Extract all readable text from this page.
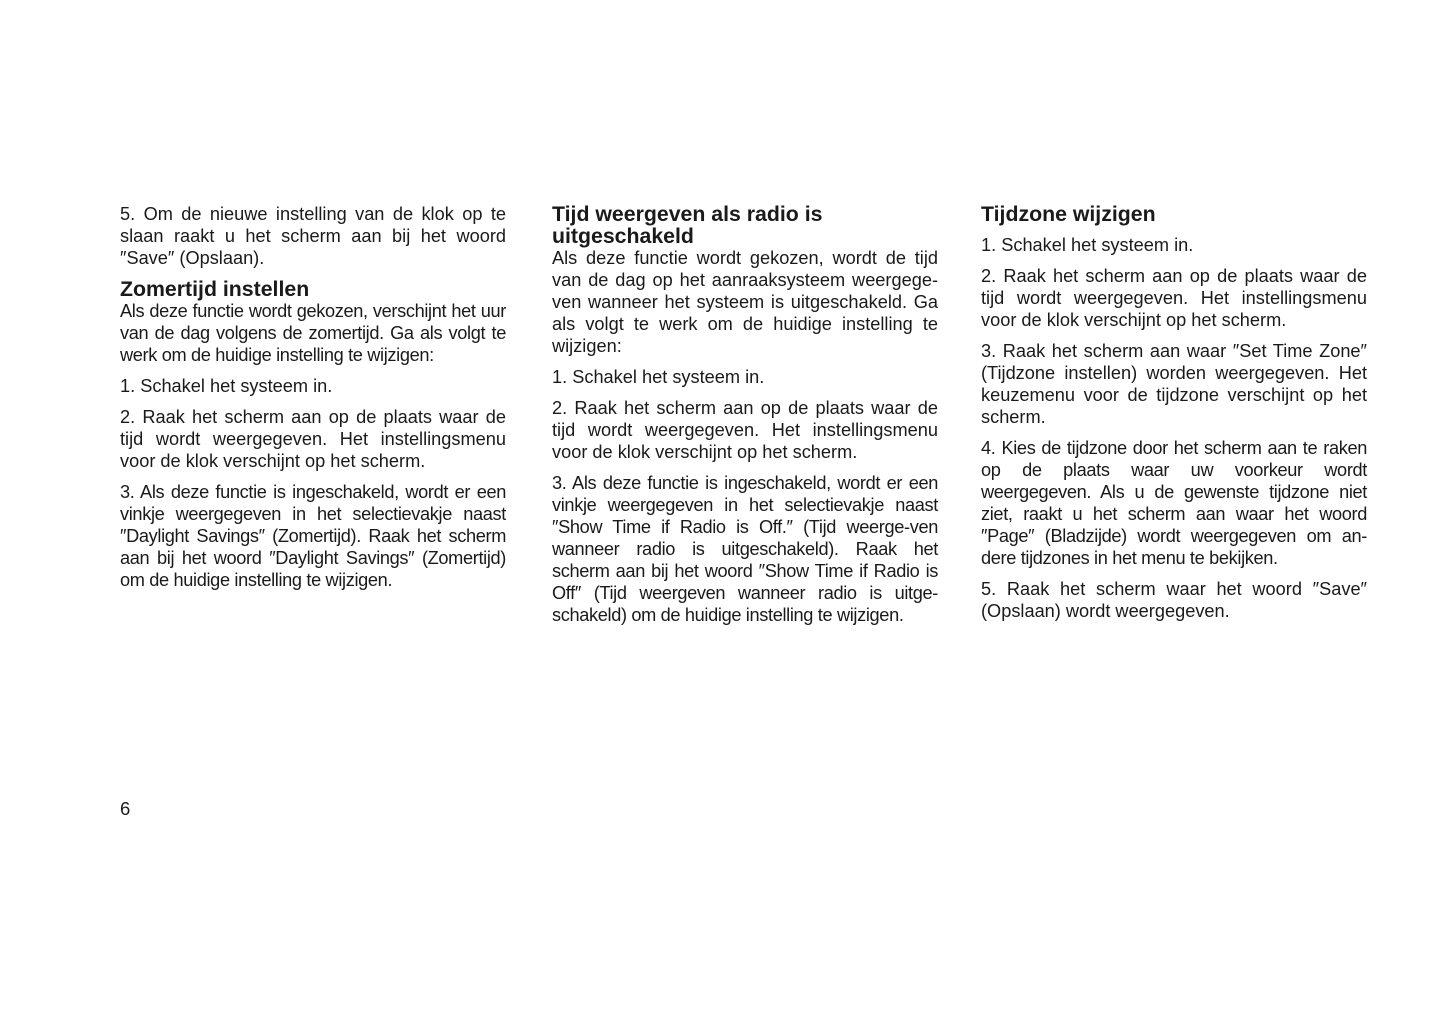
5. Om de nieuwe instelling van de klok op te slaan raakt u het scherm aan bij het woord ″Save″ (Opslaan).

Zomertijd instellen

Als deze functie wordt gekozen, verschijnt het uur van de dag volgens de zomertijd. Ga als volgt te werk om de huidige instelling te wijzigen:

1. Schakel het systeem in.

2. Raak het scherm aan op de plaats waar de tijd wordt weergegeven. Het instellingsmenu voor de klok verschijnt op het scherm.

3. Als deze functie is ingeschakeld, wordt er een vinkje weergegeven in het selectievakje naast ″Daylight Savings″ (Zomertijd). Raak het scherm aan bij het woord ″Daylight Savings″ (Zomertijd) om de huidige instelling te wijzigen.

Tijd weergeven als radio is uitgeschakeld

Als deze functie wordt gekozen, wordt de tijd van de dag op het aanraaksysteem weergege-ven wanneer het systeem is uitgeschakeld. Ga als volgt te werk om de huidige instelling te wijzigen:

1. Schakel het systeem in.

2. Raak het scherm aan op de plaats waar de tijd wordt weergegeven. Het instellingsmenu voor de klok verschijnt op het scherm.

3. Als deze functie is ingeschakeld, wordt er een vinkje weergegeven in het selectievakje naast ″Show Time if Radio is Off.″ (Tijd weerge-ven wanneer radio is uitgeschakeld). Raak het scherm aan bij het woord ″Show Time if Radio is Off″ (Tijd weergeven wanneer radio is uitge-schakeld) om de huidige instelling te wijzigen.

Tijdzone wijzigen

1. Schakel het systeem in.

2. Raak het scherm aan op de plaats waar de tijd wordt weergegeven. Het instellingsmenu voor de klok verschijnt op het scherm.

3. Raak het scherm aan waar ″Set Time Zone″ (Tijdzone instellen) worden weergegeven. Het keuzemenu voor de tijdzone verschijnt op het scherm.

4. Kies de tijdzone door het scherm aan te raken op de plaats waar uw voorkeur wordt weergegeven. Als u de gewenste tijdzone niet ziet, raakt u het scherm aan waar het woord ″Page″ (Bladzijde) wordt weergegeven om an-dere tijdzones in het menu te bekijken.

5. Raak het scherm waar het woord ″Save″ (Opslaan) wordt weergegeven.

6
